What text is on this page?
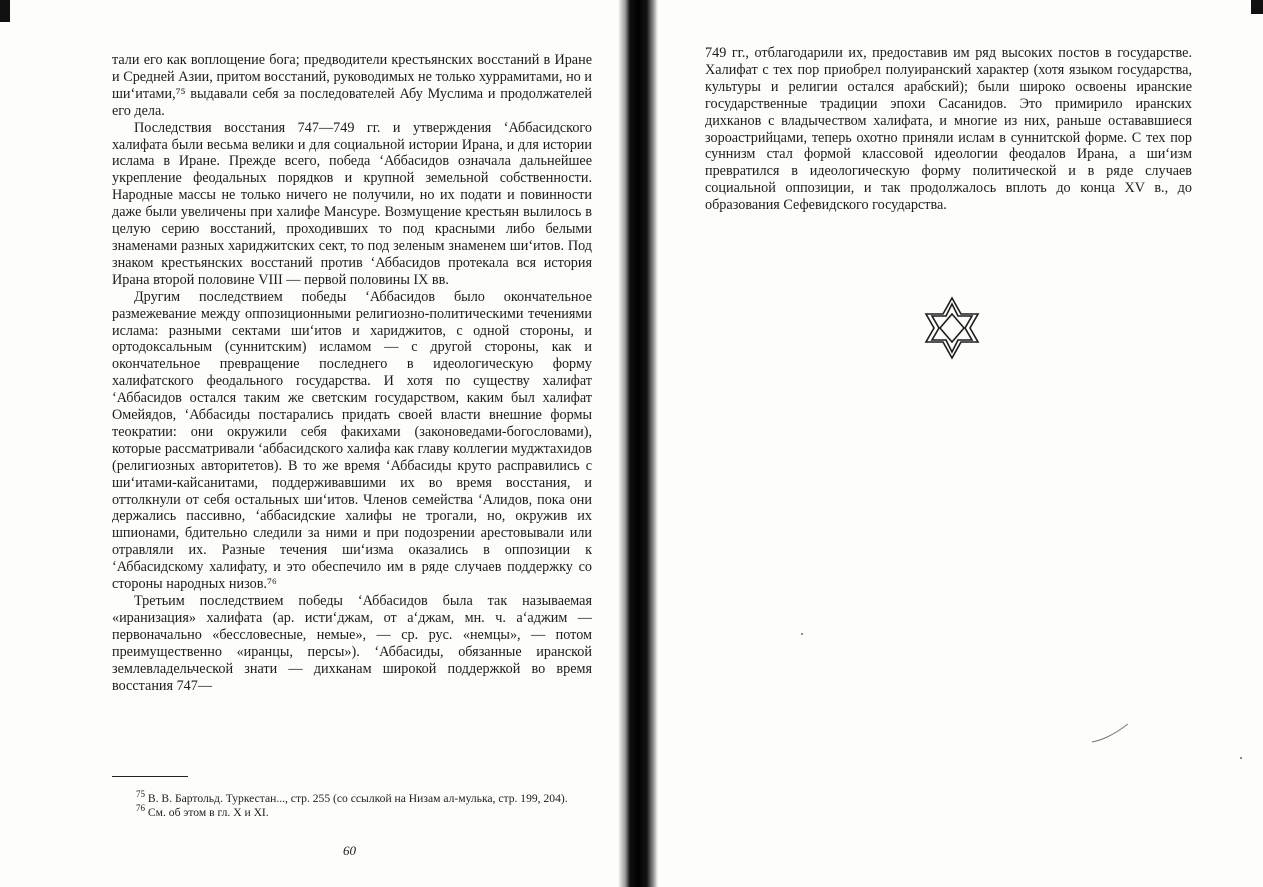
тали его как воплощение бога; предводители крестьянских восстаний в Иране и Средней Азии, притом восстаний, руководимых не только хуррамитами, но и ши‘итами,⁷⁵ выдавали себя за последователей Абу Муслима и продолжателей его дела.

Последствия восстания 747—749 гг. и утверждения ‘Аббасидского халифата были весьма велики и для социальной истории Ирана, и для истории ислама в Иране. Прежде всего, победа ‘Аббасидов означала дальнейшее укрепление феодальных порядков и крупной земельной собственности. Народные массы не только ничего не получили, но их подати и повинности даже были увеличены при халифе Мансуре. Возмущение крестьян вылилось в целую серию восстаний, проходивших то под красными либо белыми знаменами разных хариджитских сект, то под зеленым знаменем ши‘итов. Под знаком крестьянских восстаний против ‘Аббасидов протекала вся история Ирана второй половине VIII — первой половины IX вв.

Другим последствием победы ‘Аббасидов было окончательное размежевание между оппозиционными религиозно-политическими течениями ислама: разными сектами ши‘итов и хариджитов, с одной стороны, и ортодоксальным (суннитским) исламом — с другой стороны, как и окончательное превращение последнего в идеологическую форму халифатского феодального государства. И хотя по существу халифат ‘Аббасидов остался таким же светским государством, каким был халифат Омейядов, ‘Аббасиды постарались придать своей власти внешние формы теократии: они окружили себя факихами (законоведами-богословами), которые рассматривали ‘аббасидского халифа как главу коллегии муджтахидов (религиозных авторитетов). В то же время ‘Аббасиды круто расправились с ши‘итами-кайсанитами, поддерживавшими их во время восстания, и оттолкнули от себя остальных ши‘итов. Членов семейства ‘Алидов, пока они держались пассивно, ‘аббасидские халифы не трогали, но, окружив их шпионами, бдительно следили за ними и при подозрении арестовывали или отравляли их. Разные течения ши‘изма оказались в оппозиции к ‘Аббасидскому халифату, и это обеспечило им в ряде случаев поддержку со стороны народных низов.⁷⁶

Третьим последствием победы ‘Аббасидов была так называемая «иранизация» халифата (ар. исти‘джам, от а‘джам, мн. ч. а‘аджим — первоначально «бессловесные, немые», — ср. рус. «немцы», — потом преимущественно «иранцы, персы»). ‘Аббасиды, обязанные иранской землевладельческой знати — дихканам широкой поддержкой во время восстания 747—

$^{75}$ В. В. Бартольд. Туркестан..., стр. 255 (со ссылкой на Низам ал-мулька, стр. 199, 204).

$^{76}$ См. об этом в гл. X и XI.

60

749 гг., отблагодарили их, предоставив им ряд высоких постов в государстве. Халифат с тех пор приобрел полуиранский характер (хотя языком государства, культуры и религии остался арабский); были широко освоены иранские государственные традиции эпохи Сасанидов. Это примирило иранских дихканов с владычеством халифата, и многие из них, раньше остававшиеся зороастрийцами, теперь охотно приняли ислам в суннитской форме. С тех пор суннизм стал формой классовой идеологии феодалов Ирана, а ши‘изм превратился в идеологическую форму политической и в ряде случаев социальной оппозиции, и так продолжалось вплоть до конца XV в., до образования Сефевидского государства.
